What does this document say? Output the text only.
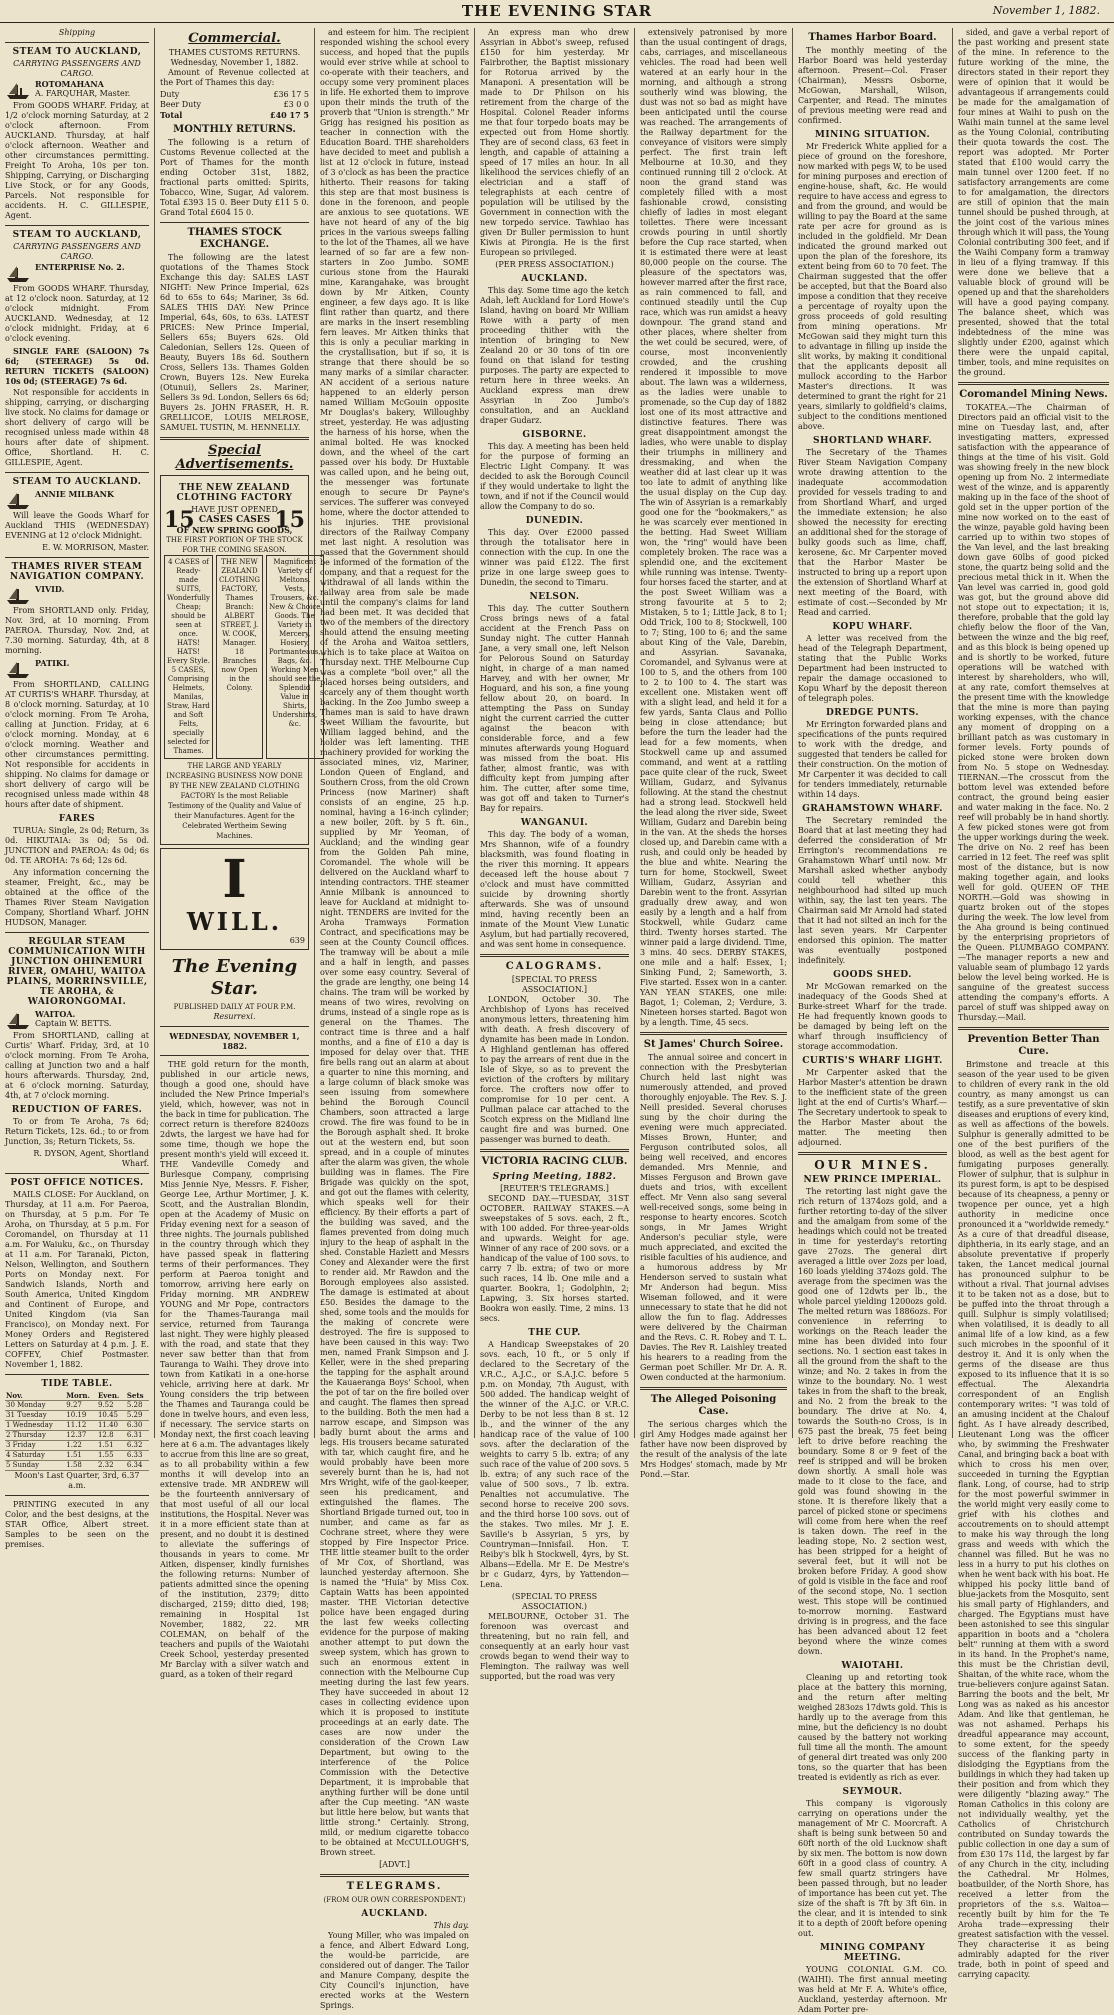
THE EVENING STAR	November 1, 1882.
Shipping
STEAM TO AUCKLAND,
CARRYING PASSENGERS AND CARGO.
ROTOMAHANA
A. FARQUHAR, Master.

From GOODS WHARF. Friday, at 1/2 o'clock morning Saturday, at 2 o'clock afternoon. From AUCKLAND. Thursday, at half o'clock afternoon. Weather and other circumstances permitting. Freight To Aroha, 10s per ton. Shipping, Carrying, or Discharging Live Stock, or for any Goods, Parcels. Not responsible for accidents. H. C. GILLESPIE, Agent.

STEAM TO AUCKLAND,
CARRYING PASSENGERS AND CARGO.
ENTERPRISE No. 2.

From GOODS WHARF. Thursday, at 12 o'clock noon. Saturday, at 12 o'clock midnight. From AUCKLAND. Wednesday, at 12 o'clock midnight. Friday, at 6 o'clock evening.

SINGLE FARE (SALOON) 7s 6d; (STEERAGE) 5s 0d. RETURN TICKETS (SALOON) 10s 0d; (STEERAGE) 7s 6d.

Not responsible for accidents in shipping, carrying, or discharging live stock. No claims for damage or short delivery of cargo will be recognised unless made within 48 hours after date of shipment. Office, Shortland. H. C. GILLESPIE, Agent.

STEAM TO AUCKLAND.
ANNIE MILBANK

Will leave the Goods Wharf for Auckland THIS (WEDNESDAY) EVENING at 12 o'clock Midnight.

E. W. MORRISON, Master.
THAMES RIVER STEAM NAVIGATION COMPANY.
VIVID.

From SHORTLAND only. Friday, Nov. 3rd, at 10 morning. From PAEROA. Thursday, Nov. 2nd, at 7.30 morning. Saturday, 4th, at 8 morning.

PATIKI.

From SHORTLAND, CALLING AT CURTIS'S WHARF. Thursday, at 8 o'clock morning. Saturday, at 10 o'clock morning. From Te Aroha, calling at Junction. Friday, at 6 o'clock morning. Monday, at 6 o'clock morning. Weather and other circumstances permitting. Not responsible for accidents in shipping. No claims for damage or short delivery of cargo will be recognised unless made within 48 hours after date of shipment.

FARES

TURUA: Single, 2s 0d; Return, 3s 0d. HIKUTAIA: 3s 0d; 5s 0d. JUNCTION and PAEROA: 4s 0d; 6s 0d. TE AROHA: 7s 6d; 12s 6d.

Any information concerning the steamer, Freight, &c., may be obtained at the office of the Thames River Steam Navigation Company, Shortland Wharf. JOHN HUDSON, Manager.

REGULAR STEAM COMMUNICATION WITH JUNCTION OHINEMURI RIVER, OMAHU, WAITOA PLAINS, MORRINSVILLE, TE AROHA, & WAIORONGOMAI.
WAITOA.
Captain W. BETTS.

From SHORTLAND, calling at Curtis' Wharf. Friday, 3rd, at 10 o'clock morning. From Te Aroha, calling at Junction two and a half hours afterwards. Thursday, 2nd, at 6 o'clock morning. Saturday, 4th, at 7 o'clock morning.

REDUCTION OF FARES.

To or from Te Aroha, 7s 6d; Return Tickets, 12s. 6d.; to or from Junction, 3s; Return Tickets, 5s.

R. DYSON, Agent, Shortland Wharf.
POST OFFICE NOTICES.

MAILS CLOSE: For Auckland, on Thursday, at 11 a.m. For Paeroa, on Thursday, at 5 p.m. For Te Aroha, on Thursday, at 5 p.m. For Coromandel, on Thursday at 11 a.m. For Waiuku, &c., on Thursday at 11 a.m. For Taranaki, Picton, Nelson, Wellington, and Southern Ports on Monday next. For Sandwich Islands, North and South America, United Kingdom and Continent of Europe, and United Kingdom (via San Francisco), on Monday next. For Money Orders and Registered Letters on Saturday at 4 p.m. J. E. COFFEY, Chief Postmaster. November 1, 1882.

TIDE TABLE.
Nov.	Morn.	Even.	Sets
30 Monday	9.27	9.52	5.28
31 Tuesday	10.19	10.45	5.29
1 Wednesday	11.12	11.40	6.30
2 Thursday	12.37	12.8	6.31
3 Friday	1.22	1.51	6.32
4 Saturday	1.51	1.55	6.33
5 Sunday	1.58	2.32	6.34
Moon's Last Quarter, 3rd, 6.37 a.m.

PRINTING executed in any Color, and the best designs, at the STAR Office, Albert street. Samples to be seen on the premises.

Commercial.
THAMES CUSTOMS RETURNS. Wednesday, November 1, 1882.

Amount of Revenue collected at the Port of Thames this day:

Duty	£36 17 5
Beer Duty	£3 0 0
Total	£40 17 5
MONTHLY RETURNS.

The following is a return of Customs Revenue collected at the Port of Thames for the month ending October 31st, 1882, fractional parts omitted: Spirits, Tobacco, Wine, Sugar, Ad valorem. Total £393 15 0. Beer Duty £11 5 0. Grand Total £604 15 0.

THAMES STOCK EXCHANGE.

The following are the latest quotations of the Thames Stock Exchange this day: SALES LAST NIGHT: New Prince Imperial, 62s 6d to 65s to 64s; Mariner, 3s 6d. SALES THIS DAY: New Prince Imperial, 64s, 60s, to 63s. LATEST PRICES: New Prince Imperial, Sellers 65s; Buyers 62s. Old Caledonian, Sellers 12s. Queen of Beauty, Buyers 18s 6d. Southern Cross, Sellers 13s. Thames Golden Crown, Buyers 12s. New Eureka (Otunui), Sellers 2s. Mariner, Sellers 3s 9d. London, Sellers 6s 6d; Buyers 2s. JOHN FRASER, H. R. GRELLICOE, LOUIS MELROSE, SAMUEL TUSTIN, M. HENNELLY.

Special Advertisements.
THE NEW ZEALAND CLOTHING FACTORY
HAVE JUST OPENED
15 CASES CASES 15
OF NEW SPRING GOODS,
THE FIRST PORTION OF THE STOCK FOR THE COMING SEASON.
4 CASES of Ready-made SUITS, Wonderfully Cheap; should be seen at once. HATS! HATS! Every Style. 5 CASES, Comprising Helmets, Manilas, Straw, Hard and Soft Felts, specially selected for Thames.
THE NEW ZEALAND CLOTHING FACTORY, Thames Branch: ALBERT STREET, J. W. COOK, Manager. 18 Branches now Open in the Colony.
Magnificent Variety of Meltons, Vests, Trousers, &c. New & Choice Goods. The Variety in Mercery, Hosiery, Portmanteaus, Bags, &c. Working Men should see the Splendid Value in Shirts, Undershirts, &c.
THE LARGE AND YEARLY INCREASING BUSINESS NOW DONE BY THE NEW ZEALAND CLOTHING FACTORY Is the most Reliable Testimony of the Quality and Value of their Manufactures. Agent for the Celebrated Wertheim Sewing Machines.
I
WILL.
639
The Evening Star.
PUBLISHED DAILY AT FOUR P.M.
Resurrexi.
WEDNESDAY, NOVEMBER 1, 1882.

THE gold return for the month, published in our article news, though a good one, should have included the New Prince Imperial's yield, which, however, was not in the back in time for publication. The correct return is therefore 8240ozs 2dwts, the largest we have had for some time, though we hope the present month's yield will exceed it. THE Vandeville Comedy and Burlesque Company, comprising Miss Jennie Nye, Messrs. F. Fisher, George Lee, Arthur Mortimer, J. K. Scott, and the Australian Blondin, open at the Academy of Music on Friday evening next for a season of three nights. The journals published in the country through which they have passed speak in flattering terms of their performances. They perform at Paeroa tonight and tomorrow, arriving here early on Friday morning. MR ANDREW YOUNG and Mr Pope, contractors for the Thames-Tauranga mail service, returned from Tauranga last night. They were highly pleased with the road, and state that they never saw better than that from Tauranga to Waihi. They drove into town from Katikati in a one-horse vehicle, arriving here at dark. Mr Young considers the trip between the Thames and Tauranga could be done in twelve hours, and even less, if necessary. The service starts on Monday next, the first coach leaving here at 6 a.m. The advantages likely to accrue from this line are so great, as to all probability within a few months it will develop into an extensive trade. MR ANDREW will be the fourteenth anniversary of that most useful of all our local institutions, the Hospital. Never was it in a more efficient state than at present, and no doubt it is destined to alleviate the sufferings of thousands in years to come. Mr Aitken, dispenser, kindly furnishes the following returns: Number of patients admitted since the opening of the institution, 2379; ditto discharged, 2159; ditto died, 198; remaining in Hospital 1st November, 1882, 22. MR COLEMAN, on behalf of the teachers and pupils of the Waiotahi Creek School, yesterday presented Mr Barclay with a silver watch and guard, as a token of their regard

and esteem for him. The recipient responded wishing the school every success, and hoped that the pupils would ever strive while at school to co-operate with their teachers, and occupy some very prominent places in life. He exhorted them to improve upon their minds the truth of the proverb that "Union is strength." Mr Grigg has resigned his position as teacher in connection with the Education Board. THE shareholders have decided to meet and publish a list at 12 o'clock in future, instead of 3 o'clock as has been the practice hitherto. Their reasons for taking this step are that most business is done in the forenoon, and people are anxious to see quotations. WE have not heard of any of the big prices in the various sweeps falling to the lot of the Thames, all we have learned of so far are a few non-starters in Zoo Jumbo. SOME curious stone from the Hauraki mine, Karangahake, was brought down by Mr Aitken, County engineer, a few days ago. It is like flint rather than quartz, and there are marks in the insert resembling fern leaves. Mr Aitken thinks that this is only a peculiar marking in the crystallisation, but if so, it is strange that there should be so many marks of a similar character. AN accident of a serious nature happened to an elderly person named William McGouin opposite Mr Douglas's bakery, Willoughby street, yesterday. He was adjusting the harness of his horse, when the animal bolted. He was knocked down, and the wheel of the cart passed over his body. Dr Huxtable was called upon, and he being out, the messenger was fortunate enough to secure Dr Payne's services. The sufferer was conveyed home, where the doctor attended to his injuries. THE provisional directors of the Railway Company met last night. A resolution was passed that the Government should be informed of the formation of the company, and that a request for the withdrawal of all lands within the railway area from sale be made until the company's claims for land had been met. It was decided that two of the members of the directory should attend the ensuing meeting of the Aroha and Waitoa settlers, which is to take place at Waitoa on Thursday next. THE Melbourne Cup was a complete "boil over," all the placed horses being outsiders, and scarcely any of them thought worth backing. In the Zoo Jumbo sweep a Thames man is said to have drawn Sweet William the favourite, but William lagged behind, and the holder was left lamenting. THE machinery provided for working the associated mines, viz, Mariner, London Queen of England, and Southern Cross, from the old Crown Princess (now Mariner) shaft consists of an engine, 25 h.p. nominal, having a 16-inch cylinder; a new boiler, 20ft. by 5 ft. 6in., supplied by Mr Yeoman, of Auckland; and the winding gear from the Golden Pah mine, Coromandel. The whole will be delivered on the Auckland wharf to intending contractors. THE steamer Annie Milbank is announced to leave for Auckland at midnight to-night. TENDERS are invited for the Aroha Tramways Formation Contract, and specifications may be seen at the County Council offices. The tramway will be about a mile and a half in length, and passes over some easy country. Several of the grade are lengthy, one being 14 chains. The tram will be worked by means of two wires, revolving on drums, instead of a single rope as is general on the Thames. The contract time is three and a half months, and a fine of £10 a day is imposed for delay over that. THE fire bells rang out an alarm at about a quarter to nine this morning, and a large column of black smoke was seen issuing from somewhere behind the Borough Council Chambers, soon attracted a large crowd. The fire was found to be in the Borough asphalt shed. It broke out at the western end, but soon spread, and in a couple of minutes after the alarm was given, the whole building was in flames. The Fire Brigade was quickly on the spot, and got out the flames with celerity, which speaks well for their efficiency. By their efforts a part of the building was saved, and the flames prevented from doing much injury to the heap of asphalt in the shed. Constable Hazlett and Messrs Coney and Alexander were the first to render aid. Mr Rawdon and the Borough employees also assisted. The damage is estimated at about £50. Besides the damage to the shed, some tools and the moulds for the making of concrete were destroyed. The fire is supposed to have been caused in this way: Two men, named Frank Simpson and J. Keller, were in the shed preparing the tapping for the asphalt around the Kauaeranga Boys' School, when the pot of tar on the fire boiled over and caught. The flames then spread to the building. Both the men had a narrow escape, and Simpson was badly burnt about the arms and legs. His trousers became saturated with tar, which caught fire, and he would probably have been more severely burnt than he is, had not Mrs Wright, wife of the gaol-keeper, seen his predicament, and extinguished the flames. The Shortland Brigade turned out, too in number, and came as far as Cochrane street, where they were stopped by Fire Inspector Price. THE little steamer built to the order of Mr Cox, of Shortland, was launched yesterday afternoon. She is named the "Huia" by Miss Cox. Captain Watts has been appointed master. THE Victorian detective police have been engaged during the last few weeks collecting evidence for the purpose of making another attempt to put down the sweep system, which has grown to such an enormous extent in connection with the Melbourne Cup meeting during the last few years. They have succeeded in about 12 cases in collecting evidence upon which it is proposed to institute proceedings at an early date. The cases are now under the consideration of the Crown Law Department, but owing to the interference of the Police Commission with the Detective Department, it is improbable that anything further will be done until after the Cup meeting. "AN waste but little here below, but wants that little strong." Certainly. Strong, mild, or medium cigarette tobacco to be obtained at McCULLOUGH'S, Brown street.

[ADVT.]
TELEGRAMS.
(FROM OUR OWN CORRESPONDENT.)
AUCKLAND.
This day.

Young Miller, who was impaled on a fence, and Albert Edward Long, the would-be parricide, are considered out of danger. The Tailor and Manure Company, despite the City Council's injunction, have erected works at the Western Springs.

An express man who drew Assyrian in Abbot's sweep, refused £150 for him yesterday. Mr Fairbrother, the Baptist missionary for Rotorua arrived by the Manaponi. A presentation will be made to Dr Philson on his retirement from the charge of the Hospital. Colonel Reader informs me that four torpedo boats may be expected out from Home shortly. They are of second class, 63 feet in length, and capable of attaining a speed of 17 miles an hour. In all likelihood the services chiefly of an electrician and a staff of telegraphists at each centre of population will be utilised by the Government in connection with the new torpedo service. Tawhiao has given Dr Buller permission to hunt Kiwis at Pirongia. He is the first European so privileged.

(PER PRESS ASSOCIATION.)
AUCKLAND.

This day. Some time ago the ketch Adah, left Auckland for Lord Howe's Island, having on board Mr William Rowe with a party of men proceeding thither with the intention of bringing to New Zealand 20 or 30 tons of tin ore found on that island for testing purposes. The party are expected to return here in three weeks. An Auckland express man drew Assyrian in Zoo Jumbo's consultation, and an Auckland draper Gudarz.

GISBORNE.

This day. A meeting has been held for the purpose of forming an Electric Light Company. It was decided to ask the Borough Council if they would undertake to light the town, and if not if the Council would allow the Company to do so.

DUNEDIN.

This day. Over £2000 passed through the totalisator here in connection with the cup. In one the winner was paid £122. The first prize in one large sweep goes to Dunedin, the second to Timaru.

NELSON.

This day. The cutter Southern Cross brings news of a fatal accident at the French Pass on Sunday night. The cutter Hannah Jane, a very small one, left Nelson for Pelorous Sound on Saturday night, in charge of a man named Harvey, and with her owner, Mr Hoguard, and his son, a fine young fellow about 20, on board. In attempting the Pass on Sunday night the current carried the cutter against the beacon with considerable force, and a few minutes afterwards young Hoguard was missed from the boat. His father, almost frantic, was with difficulty kept from jumping after him. The cutter, after some time, was got off and taken to Turner's Bay for repairs.

WANGANUI.

This day. The body of a woman, Mrs Shannon, wife of a foundry blacksmith, was found floating in the river this morning. It appears deceased left the house about 7 o'clock and must have committed suicide by drowning shortly afterwards. She was of unsound mind, having recently been an inmate of the Mount View Lunatic Asylum, but had partially recovered, and was sent home in consequence.

CALOGRAMS.
[SPECIAL TO PRESS ASSOCIATION.]

LONDON, October 30. The Archbishop of Lyons has received anonymous letters, threatening him with death. A fresh discovery of dynamite has been made in London. A Highland gentleman has offered to pay the arrears of rent due in the Isle of Skye, so as to prevent the eviction of the crofters by military force. The crofters now offer to compromise for 10 per cent. A Pullman palace car attached to the Scotch express on the Midland line caught fire and was burned. One passenger was burned to death.

VICTORIA RACING CLUB.
Spring Meeting, 1882.
[REUTER'S TELEGRAMS.]

SECOND DAY.—TUESDAY, 31ST OCTOBER. RAILWAY STAKES.—A sweepstakes of 5 sovs. each, 2 ft., with 100 added. For three-year-olds and upwards. Weight for age. Winner of any race of 200 sovs. or a handicap of the value of 100 sovs. to carry 7 lb. extra; of two or more such races, 14 lb. One mile and a quarter. Bookra, 1; Godolphin, 2; Lapwing, 3. Six horses started. Bookra won easily. Time, 2 mins. 13 secs.

THE CUP.

A Handicap Sweepstakes of 20 sovs. each, 10 ft., or 5 only if declared to the Secretary of the V.R.C., A.J.C., or S.A.J.C. before 5 p.m. on Monday, 7th August, with 500 added. The handicap weight of the winner of the A.J.C. or V.R.C. Derby to be not less than 8 st. 12 lb., and the winner of the any handicap race of the value of 100 sovs. after the declaration of the weights to carry 5 lb. extra; of any such race of the value of 200 sovs. 5 lb. extra; of any such race of the value of 500 sovs., 7 lb. extra. Penalties not accumulative. The second horse to receive 200 sovs. and the third horse 100 sovs. out of the stakes. Two miles. Mr J. E. Saville's b Assyrian, 5 yrs, by Countryman—Innisfail. Hon. T. Reiby's blk h Stockwell, 4yrs, by St. Albans—Edella. Mr E. De Mestre's br c Gudarz, 4yrs, by Yattendon—Lena.

(SPECIAL TO PRESS ASSOCIATION.)

MELBOURNE, October 31. The forenoon was overcast and threatening, but no rain fell, and consequently at an early hour vast crowds began to wend their way to Flemington. The railway was well supported, but the road was very

extensively patronised by more than the usual contingent of drags, cabs, carriages, and miscellaneous vehicles. The road had been well watered at an early hour in the morning, and although a strong southerly wind was blowing, the dust was not so bad as might have been anticipated until the course was reached. The arrangements of the Railway department for the conveyance of visitors were simply perfect. The first train left Melbourne at 10.30, and they continued running till 2 o'clock. At noon the grand stand was completely filled with a most fashionable crowd, consisting chiefly of ladies in most elegant toilettes. There were incessant crowds pouring in until shortly before the Cup race started, when it is estimated there were at least 80,000 people on the course. The pleasure of the spectators was, however marred after the first race, as rain commenced to fall, and continued steadily until the Cup race, which was run amidst a heavy downpour. The grand stand and other places, where shelter from the wet could be secured, were, of course, most inconveniently crowded, and the crushing rendered it impossible to move about. The lawn was a wilderness, as the ladies were unable to promenade, so the Cup day of 1882 lost one of its most attractive and distinctive features. There was great disappointment amongst the ladies, who were unable to display their triumphs in millinery and dressmaking, and when the weather did at last clear up it was too late to admit of anything like the usual display on the Cup day. The win of Assyrian is a remarkably good one for the "bookmakers," as he was scarcely ever mentioned in the betting. Had Sweet William won, the "ring" would have been completely broken. The race was a splendid one, and the excitement while running was intense. Twenty-four horses faced the starter, and at the post Sweet William was a strong favourite at 5 to 2; Mistaken, 5 to 1; Little Jack, 8 to 1; Odd Trick, 100 to 8; Stockwell, 100 to 7; Sting, 100 to 6; and the same about King of the Vale, Darebin, and Assyrian. Savanaka, Coromandel, and Sylvanus were at 100 to 5, and the others from 100 to 2 to 100 to 4. The start was excellent one. Mistaken went off with a slight lead, and held it for a few yards, Santa Claus and Pollio being in close attendance; but before the turn the leader had the lead for a few moments, when Stockwell came up and assumed command, and went at a rattling pace quite clear of the ruck, Sweet William, Gudarz, and Sylvanus following. At the stand the chestnut had a strong lead. Stockwell held the lead along the river side, Sweet William, Gudarz and Darebin being in the van. At the sheds the horses closed up, and Darebin came with a rush, and could only be headed by the blue and white. Nearing the turn for home, Stockwell, Sweet William, Gudarz, Assyrian and Darebin went to the front. Assyrian gradually drew away, and won easily by a length and a half from Stockwell, while Gudarz came third. Twenty horses started. The winner paid a large dividend. Time, 3 mins. 40 secs. DERBY STAKES, one mile and a half: Essex, 1; Sinking Fund, 2; Sameworth, 3. Five started. Essex won in a canter. YAN YEAN STAKES, one mile: Bagot, 1; Coleman, 2; Verdure, 3. Nineteen horses started. Bagot won by a length. Time, 45 secs.

St James' Church Soiree.

The annual soiree and concert in connection with the Presbyterian Church held last night was numerously attended, and proved thoroughly enjoyable. The Rev. S. J. Neill presided. Several choruses sung by the choir during the evening were much appreciated. Misses Brown, Hunter, and Ferguson contributed solos, all being well received, and encores demanded. Mrs Mennie, and Misses Ferguson and Brown gave duets and trios, with excellent effect. Mr Venn also sang several well-received songs, some being in response to hearty encores. Scotch songs, in Mr James Wright Anderson's peculiar style, were much appreciated, and excited the risible faculties of his audience, and a humorous address by Mr Henderson served to sustain what Mr Anderson had begun. Miss Wiseman followed, and it were unnecessary to state that he did not allow the fun to flag. Addresses were delivered by the Chairman and the Revs. C. R. Robey and T. L. Davies. The Rev R. Laishley treated his hearers to a reading from the German poet Schiller. Mr Dr. A. R. Owen conducted at the harmonium.

The Alleged Poisoning Case.

The serious charges which the girl Amy Hodges made against her father have now been disproved by the result of the analysis of the late Mrs Hodges' stomach, made by Mr Pond.—Star.

Thames Harbor Board.

The monthly meeting of the Harbor Board was held yesterday afternoon. Present—Col. Fraser (Chairman), Messrs Osborne, McGowan, Marshall, Wilson, Carpenter, and Read. The minutes of previous meeting were read and confirmed.

MINING SITUATION.

Mr Frederick White applied for a piece of ground on the foreshore, now marked with pegs W, to be used for mining purposes and erection of engine-house, shaft, &c. He would require to have access and egress to and from the ground, and would be willing to pay the Board at the same rate per acre for ground as is included in the goldfield. Mr Dean indicated the ground marked out upon the plan of the foreshore, its extent being from 60 to 70 feet. The Chairman suggested that the offer be accepted, but that the Board also impose a condition that they receive a percentage of royalty upon the gross proceeds of gold resulting from mining operations. Mr McGowan said they might turn this to advantage in filling up inside the slit works, by making it conditional that the applicants deposit all mullock according to the Harbor Master's directions. It was determined to grant the right for 21 years, similarly to goldfield's claims, subject to the conditions mentioned above.

SHORTLAND WHARF.

The Secretary of the Thames River Steam Navigation Company wrote drawing attention to the inadequate accommodation provided for vessels trading to and from Shortland Wharf, and urged the immediate extension; he also showed the necessity for erecting an additional shed for the storage of bulky goods such as lime, chaff, kerosene, &c. Mr Carpenter moved that the Harbor Master be instructed to bring up a report upon the extension of Shortland Wharf at next meeting of the Board, with estimate of cost.—Seconded by Mr Read and carried.

KOPU WHARF.

A letter was received from the head of the Telegraph Department, stating that the Public Works Department had been instructed to repair the damage occasioned to Kopu Wharf by the deposit thereon of telegraph poles.

DREDGE PUNTS.

Mr Errington forwarded plans and specifications of the punts required to work with the dredge, and suggested that tenders be called for their construction. On the motion of Mr Carpenter it was decided to call for tenders immediately, returnable within 14 days.

GRAHAMSTOWN WHARF.

The Secretary reminded the Board that at last meeting they had deferred the consideration of Mr Errington's recommendations re Grahamstown Wharf until now. Mr Marshall asked whether anybody could tell whether this neighbourhood had silted up much within, say, the last ten years. The Chairman said Mr Arnold had stated that it had not silted an inch for the last seven years. Mr Carpenter endorsed this opinion. The matter was eventually postponed indefinitely.

GOODS SHED.

Mr McGowan remarked on the inadequacy of the Goods Shed at Burke-street Wharf for the trade. He had frequently known goods to be damaged by being left on the wharf through insufficiency of storage accommodation.

CURTIS'S WHARF LIGHT.

Mr Carpenter asked that the Harbor Master's attention be drawn to the inefficient state of the green light at the end of Curtis's Wharf.—The Secretary undertook to speak to the Harbor Master about the matter. The meeting then adjourned.

OUR MINES.
NEW PRINCE IMPERIAL.

The retorting last night gave the rich return of 1374ozs gold, and a further retorting to-day of the silver and the amalgam from some of the headings which could not be treated in time for yesterday's retorting gave 27ozs. The general dirt averaged a little over 2ozs per load, 160 loads yielding 374ozs gold. The average from the specimen was the good one of 12dwts per lb., the whole parcel yielding 1200ozs gold. The melted return was 1886ozs. For convenience in referring to workings on the Reach leader the mine has been divided into four sections. No. 1 section east takes in all the ground from the shaft to the winze; and No. 2 takes in from the winze to the boundary. No. 1 west takes in from the shaft to the break, and No. 2 from the break to the boundary. The drive at No. 4, towards the South-no Cross, is in 675 past the break, 75 feet being left to drive before reaching the boundary. Some 8 or 9 feet of the reef is stripped and will be broken down shortly. A small hole was made to it close to the face, and gold was found showing in the stone. It is therefore likely that a parcel of picked stone or specimens will come from here when the reef is taken down. The reef in the leading stope, No. 2 section west, has been stripped for a height of several feet, but it will not be broken before Friday. A good show of gold is visible in the face and roof of the second stope, No. 1 section west. This stope will be continued to-morrow morning. Eastward driving is in progress, and the face has been advanced about 12 feet beyond where the winze comes down.

WAIOTAHI.

Cleaning up and retorting took place at the battery this morning, and the return after melting weighed 283ozs 17dwts gold. This is hardly up to the average from this mine, but the deficiency is no doubt caused by the battery not working full time all the month. The amount of general dirt treated was only 200 tons, so the quarter that has been treated is evidently as rich as ever.

SEYMOUR.

This company is vigorously carrying on operations under the management of Mr C. Moorcraft. A shaft is being sunk between 50 and 60ft north of the old Lucknow shaft by six men. The bottom is now down 60ft in a good class of country. A few small quartz stringers have been passed through, but no leader of importance has been cut yet. The size of the shaft is 7ft by 3ft 6in. in the clear, and it is intended to sink it to a depth of 200ft before opening out.

MINING COMPANY MEETING.

YOUNG COLONIAL G.M. CO. (WAIHI). The first annual meeting was held at Mr F. A. White's office, Auckland, yesterday afternoon. Mr Adam Porter pre-

sided, and gave a verbal report of the past working and present state of the mine. In reference to the future working of the mine, the directors stated in their report they were of opinion that it would be advantageous if arrangements could be made for the amalgamation of four mines at Waihi to push on the Waihi main tunnel at the same level as the Young Colonial, contributing their quota towards the cost. The report was adopted. Mr Porter stated that £100 would carry the main tunnel over 1200 feet. If no satisfactory arrangements are come to for amalgamation, the directors are still of opinion that the main tunnel should be pushed through, at the joint cost of the various mines through which it will pass, the Young Colonial contributing 300 feet, and if the Waihi Company form a tramway in lieu of a flying tramway. If this were done we believe that a valuable block of ground will be opened up and that the shareholders will have a good paying company. The balance sheet, which was presented, showed that the total indebtedness of the mine was slightly under £200, against which there were the unpaid capital, timber, tools, and mine requisites on the ground.

Coromandel Mining News.

TOKATEA.—The Chairman of Directors paid an official visit to the mine on Tuesday last, and, after investigating matters, expressed satisfaction with the appearance of things at the time of his visit. Gold was showing freely in the new block opening up from No. 2 intermediate west of the winze, and is apparently making up in the face of the shoot of gold set in the upper portion of the mine now worked on to the east of the winze, payable gold having been carried up to within two stopes of the Van level, and the last breaking down gave 60lbs of good picked stone, the quartz being solid and the precious metal thick in it. When the Van level was carried in, good gold was got, but the ground above did not stope out to expectation; it is, therefore, probable that the gold lay chiefly below the floor of the Van, between the winze and the big reef, and as this block is being opened up and is shortly to be worked, future operations will be watched with interest by shareholders, who will, at any rate, comfort themselves at the present time with the knowledge that the mine is more than paying working expenses, with the chance any moment of dropping on a brilliant patch as was customary in former levels. Forty pounds of picked stone were broken down from No. 5 stope on Wednesday. TIERNAN.—The crosscut from the bottom level was extended before contract, the ground being easier and water making in the face. No. 2 reef will probably be in hand shortly. A few picked stones were got from the upper workings during the week. The drive on No. 2 reef has been carried in 12 feet. The reef was split most of the distance, but is now making together again, and looks well for gold. QUEEN OF THE NORTH.—Gold was showing in quartz broken out of the stopes during the week. The low level from the Aha ground is being continued by the enterprising proprietors of the Queen. PLUMBAGO COMPANY.—The manager reports a new and valuable seam of plumbago 12 yards below the level being worked. He is sanguine of the greatest success attending the company's efforts. A parcel of stuff was shipped away on Thursday.—Mail.

Prevention Better Than Cure.

Brimstone and treacle at this season of the year used to be given to children of every rank in the old country, as many amongst us can testify, as a sure preventative of skin diseases and eruptions of every kind, as well as affections of the bowels. Sulphur is generally admitted to be one of the best purifiers of the blood, as well as the best agent for fumigating purposes generally. Flower of sulphur, that is sulphur in its purest form, is apt to be despised because of its cheapness, a penny or twopence per ounce, yet a high authority in medicine once pronounced it a "worldwide remedy." As a cure of that dreadful disease, diphtheria, in its early stage, and an absolute preventative if properly taken, the Lancet medical journal has pronounced sulphur to be without a rival. That journal advises it to be taken not as a dose, but to be puffed into the throat through a quill. Sulphur is simply volatilised; when volatilised, it is deadly to all animal life of a low kind, as a few such microbes in the spoonful of it destroy it. And it is only when the germs of the disease are thus exposed to its influence that it is so effectual. The Alexandria correspondent of an English contemporary writes: "I was told of an amusing incident at the Chalouf fight. As I have already described, Lieutenant Long was the officer who, by swimming the Freshwater Canal, and bringing back a boat with which to cross his men over, succeeded in turning the Egyptian flank. Long, of course, had to strip for the most powerful swimmer in the world might very easily come to grief with his clothes and accoutrements on to should attempt to make his way through the long grass and weeds with which the channel was filled. But he was no less in a hurry to put his clothes on when he went back with his boat. He whipped his pocky little band of blue-jackets from the Mosquito, sent his small party of Highlanders, and charged. The Egyptians must have been astonished to see this singular apparition in boots and a "cholera belt" running at them with a sword in its hand. In the Prophet's name, this must be the Christian devil, Shaitan, of the white race, whom the true-believers conjure against Satan. Barring the boots and the belt, Mr Long was as naked as his ancestor Adam. And like that gentleman, he was not ashamed. Perhaps his dreadful appearance may account, to some extent, for the speedy success of the flanking party in dislodging the Egyptians from the buildings in which they had taken up their position and from which they were diligently "blazing away." The Roman Catholics in this colony are not individually wealthy, yet the Catholics of Christchurch contributed on Sunday towards the public collection in one day a sum of from £30 17s 11d, the largest by far of any Church in the city, including the Cathedral. Mr Holmes, boatbuilder, of the North Shore, has received a letter from the proprietors of the s.s. Waitoa—recently built by him for the Te Aroha trade—expressing their greatest satisfaction with the vessel. They characterise it as being admirably adapted for the river trade, both in point of speed and carrying capacity.
